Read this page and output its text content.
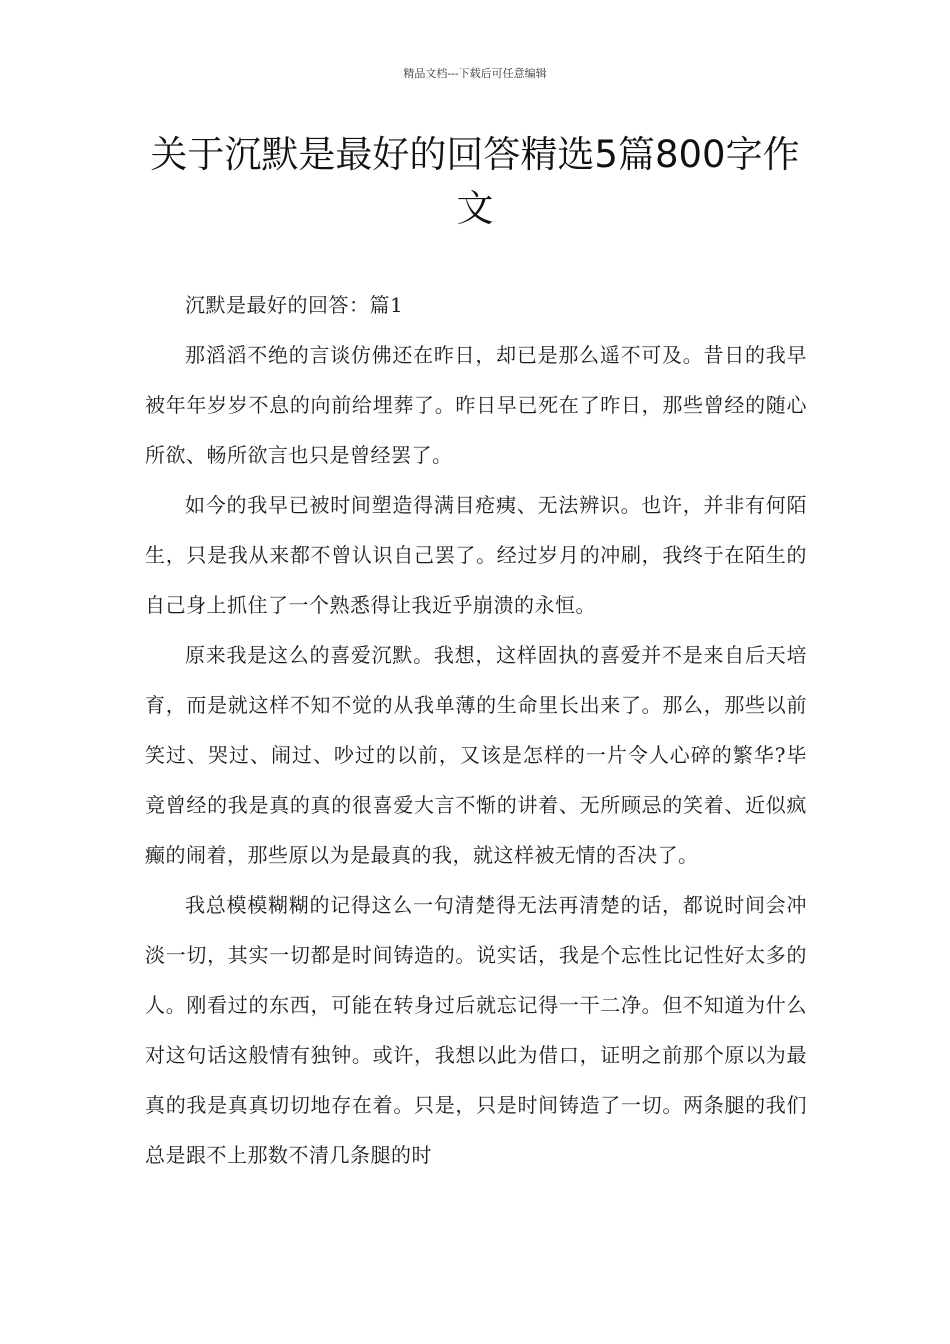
精品文档---下载后可任意编辑
关于沉默是最好的回答精选5篇800字作文

沉默是最好的回答：篇1

那滔滔不绝的言谈仿佛还在昨日，却已是那么遥不可及。昔日的我早被年年岁岁不息的向前给埋葬了。昨日早已死在了昨日，那些曾经的随心所欲、畅所欲言也只是曾经罢了。

如今的我早已被时间塑造得满目疮痍、无法辨识。也许，并非有何陌生，只是我从来都不曾认识自己罢了。经过岁月的冲刷，我终于在陌生的自己身上抓住了一个熟悉得让我近乎崩溃的永恒。

原来我是这么的喜爱沉默。我想，这样固执的喜爱并不是来自后天培育，而是就这样不知不觉的从我单薄的生命里长出来了。那么，那些以前笑过、哭过、闹过、吵过的以前，又该是怎样的一片令人心碎的繁华?毕竟曾经的我是真的真的很喜爱大言不惭的讲着、无所顾忌的笑着、近似疯癫的闹着，那些原以为是最真的我，就这样被无情的否决了。

我总模模糊糊的记得这么一句清楚得无法再清楚的话，都说时间会冲淡一切，其实一切都是时间铸造的。说实话，我是个忘性比记性好太多的人。刚看过的东西，可能在转身过后就忘记得一干二净。但不知道为什么对这句话这般情有独钟。或许，我想以此为借口，证明之前那个原以为最真的我是真真切切地存在着。只是，只是时间铸造了一切。两条腿的我们总是跟不上那数不清几条腿的时
